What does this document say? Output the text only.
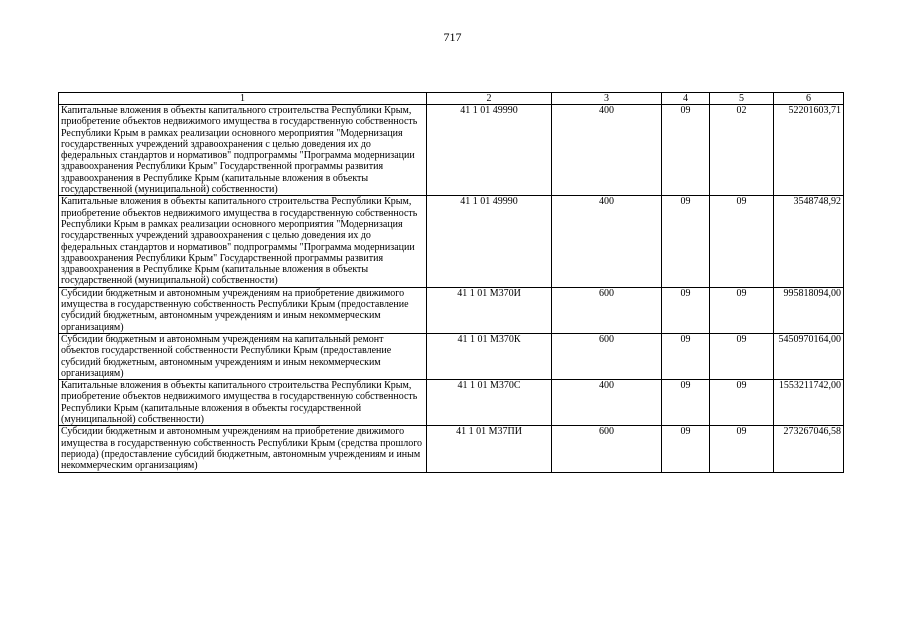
717
1	2	3	4	5	6
Капитальные вложения в объекты капитального строительства Республики Крым, приобретение объектов недвижимого имущества в государственную собственность Республики Крым в рамках реализации основного мероприятия "Модернизация государственных учреждений здравоохранения с целью доведения их до федеральных стандартов и нормативов" подпрограммы "Программа модернизации здравоохранения Республики Крым" Государственной программы развития здравоохранения в Республике Крым (капитальные вложения в объекты государственной (муниципальной) собственности)	41 1 01 49990	400	09	02	52201603,71
Капитальные вложения в объекты капитального строительства Республики Крым, приобретение объектов недвижимого имущества в государственную собственность Республики Крым в рамках реализации основного мероприятия "Модернизация государственных учреждений здравоохранения с целью доведения их до федеральных стандартов и нормативов" подпрограммы "Программа модернизации здравоохранения Республики Крым" Государственной программы развития здравоохранения в Республике Крым (капитальные вложения в объекты государственной (муниципальной) собственности)	41 1 01 49990	400	09	09	3548748,92
Субсидии бюджетным и автономным учреждениям на приобретение движимого имущества в государственную собственность Республики Крым (предоставление субсидий бюджетным, автономным учреждениям и иным некоммерческим организациям)	41 1 01 М370И	600	09	09	995818094,00
Субсидии бюджетным и автономным учреждениям на капитальный ремонт объектов государственной собственности Республики Крым (предоставление субсидий бюджетным, автономным учреждениям и иным некоммерческим организациям)	41 1 01 М370К	600	09	09	5450970164,00
Капитальные вложения в объекты капитального строительства Республики Крым, приобретение объектов недвижимого имущества в государственную собственность Республики Крым (капитальные вложения в объекты государственной (муниципальной) собственности)	41 1 01 М370С	400	09	09	1553211742,00
Субсидии бюджетным и автономным учреждениям на приобретение движимого имущества в государственную собственность Республики Крым (средства прошлого периода) (предоставление субсидий бюджетным, автономным учреждениям и иным некоммерческим организациям)	41 1 01 М37ПИ	600	09	09	273267046,58
